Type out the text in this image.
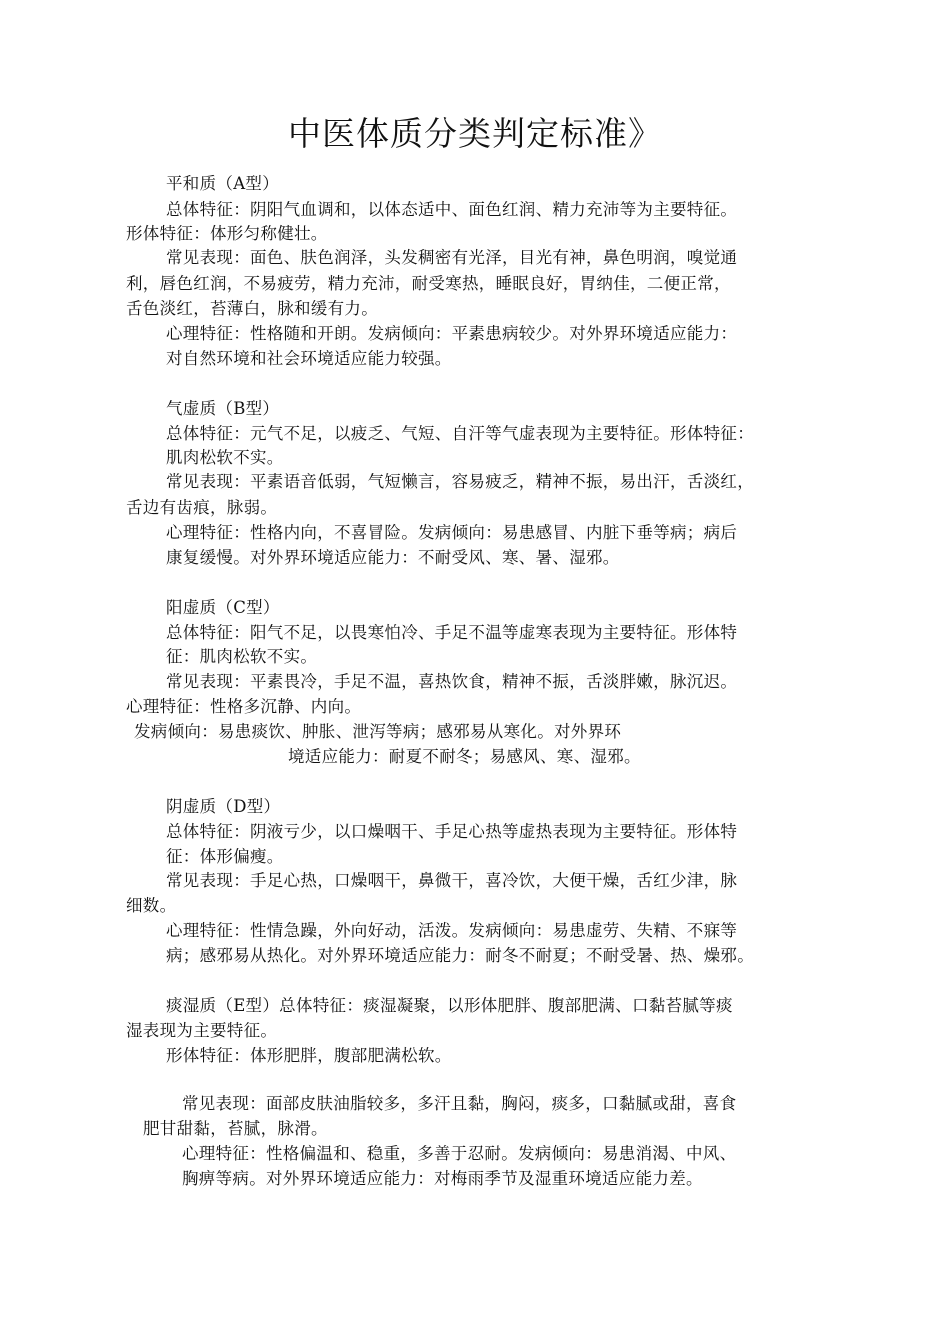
中医体质分类判定标准》
平和质（A型）
总体特征：阴阳气血调和，以体态适中、面色红润、精力充沛等为主要特征。
形体特征：体形匀称健壮。
常见表现：面色、肤色润泽，头发稠密有光泽，目光有神，鼻色明润，嗅觉通
利，唇色红润，不易疲劳，精力充沛，耐受寒热，睡眠良好，胃纳佳，二便正常，
舌色淡红，苔薄白，脉和缓有力。
心理特征：性格随和开朗。发病倾向：平素患病较少。对外界环境适应能力：
对自然环境和社会环境适应能力较强。
气虚质（B型）
总体特征：元气不足，以疲乏、气短、自汗等气虚表现为主要特征。形体特征：
肌肉松软不实。
常见表现：平素语音低弱，气短懒言，容易疲乏，精神不振，易出汗，舌淡红，
舌边有齿痕，脉弱。
心理特征：性格内向，不喜冒险。发病倾向：易患感冒、内脏下垂等病；病后
康复缓慢。对外界环境适应能力：不耐受风、寒、暑、湿邪。
阳虚质（C型）
总体特征：阳气不足，以畏寒怕冷、手足不温等虚寒表现为主要特征。形体特
征：肌肉松软不实。
常见表现：平素畏冷，手足不温，喜热饮食，精神不振，舌淡胖嫩，脉沉迟。
心理特征：性格多沉静、内向。
发病倾向：易患痰饮、肿胀、泄泻等病；感邪易从寒化。对外界环
境适应能力：耐夏不耐冬；易感风、寒、湿邪。
阴虚质（D型）
总体特征：阴液亏少，以口燥咽干、手足心热等虚热表现为主要特征。形体特
征：体形偏瘦。
常见表现：手足心热，口燥咽干，鼻微干，喜冷饮，大便干燥，舌红少津，脉
细数。
心理特征：性情急躁，外向好动，活泼。发病倾向：易患虚劳、失精、不寐等
病；感邪易从热化。对外界环境适应能力：耐冬不耐夏；不耐受暑、热、燥邪。
痰湿质（E型）总体特征：痰湿凝聚，以形体肥胖、腹部肥满、口黏苔腻等痰
湿表现为主要特征。
形体特征：体形肥胖，腹部肥满松软。
常见表现：面部皮肤油脂较多，多汗且黏，胸闷，痰多，口黏腻或甜，喜食
肥甘甜黏，苔腻，脉滑。
心理特征：性格偏温和、稳重，多善于忍耐。发病倾向：易患消渴、中风、
胸痹等病。对外界环境适应能力：对梅雨季节及湿重环境适应能力差。
